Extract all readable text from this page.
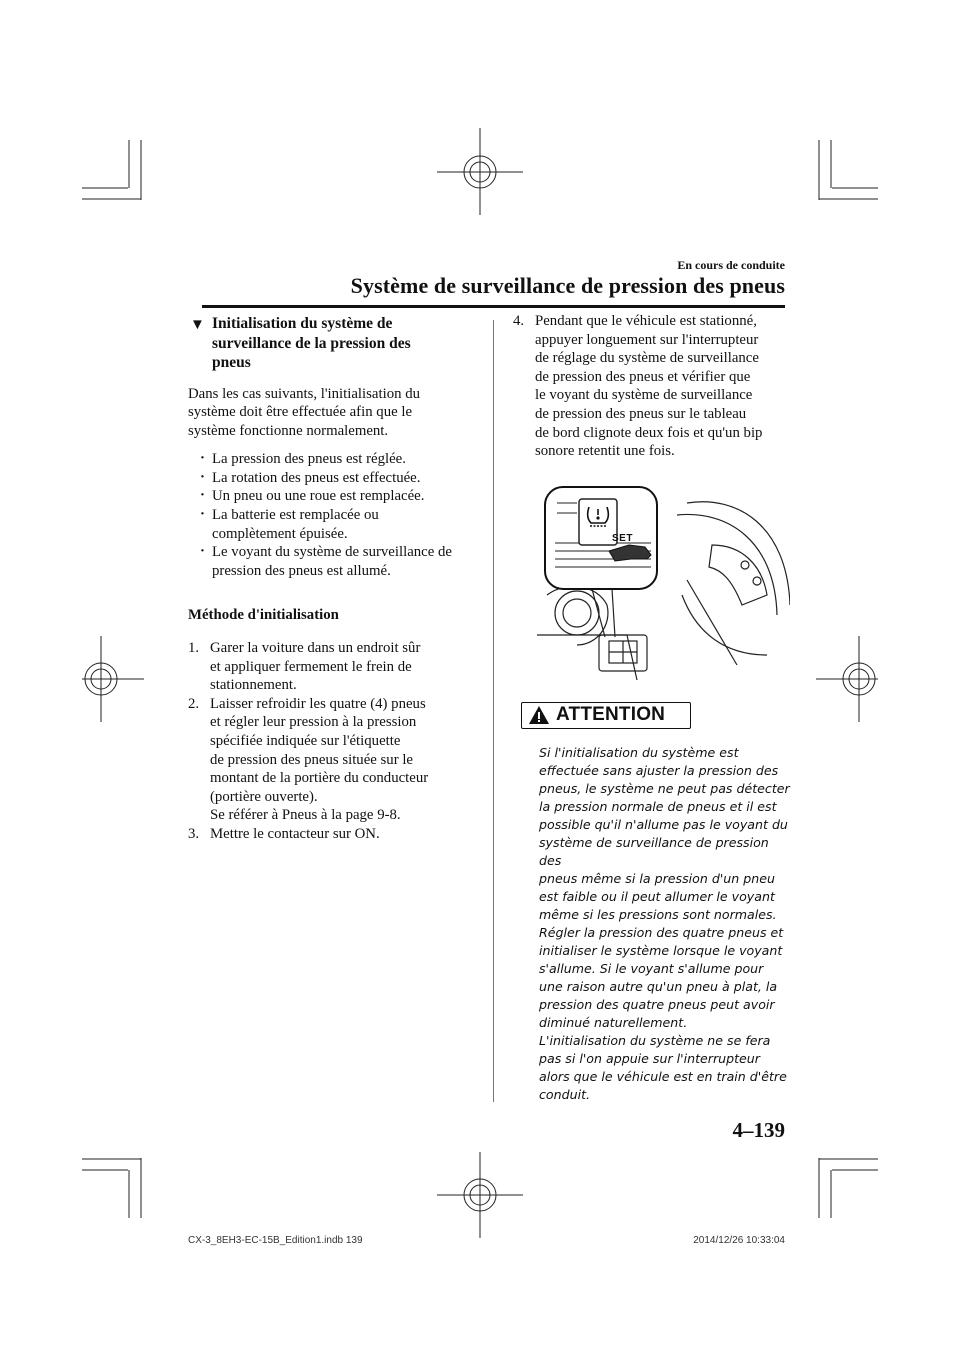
En cours de conduite
Système de surveillance de pression des pneus
▼ Initialisation du système de
surveillance de la pression des
pneus
Dans les cas suivants, l'initialisation du
système doit être effectuée afin que le
système fonctionne normalement.
· La pression des pneus est réglée.
· La rotation des pneus est effectuée.
· Un pneu ou une roue est remplacée.
· La batterie est remplacée ou
complètement épuisée.
· Le voyant du système de surveillance de
pression des pneus est allumé.
Méthode d'initialisation
1. Garer la voiture dans un endroit sûr
et appliquer fermement le frein de
stationnement.
2. Laisser refroidir les quatre (4) pneus
et régler leur pression à la pression
spécifiée indiquée sur l'étiquette
de pression des pneus située sur le
montant de la portière du conducteur
(portière ouverte).
Se référer à Pneus à la page 9-8.
3. Mettre le contacteur sur ON.
4. Pendant que le véhicule est stationné,
appuyer longuement sur l'interrupteur
de réglage du système de surveillance
de pression des pneus et vérifier que
le voyant du système de surveillance
de pression des pneus sur le tableau
de bord clignote deux fois et qu'un bip
sonore retentit une fois.
SET
ATTENTION
Si l'initialisation du système est
effectuée sans ajuster la pression des
pneus, le système ne peut pas détecter
la pression normale de pneus et il est
possible qu'il n'allume pas le voyant du
système de surveillance de pression des
pneus même si la pression d'un pneu
est faible ou il peut allumer le voyant
même si les pressions sont normales.
Régler la pression des quatre pneus et
initialiser le système lorsque le voyant
s'allume. Si le voyant s'allume pour
une raison autre qu'un pneu à plat, la
pression des quatre pneus peut avoir
diminué naturellement.
L'initialisation du système ne se fera
pas si l'on appuie sur l'interrupteur
alors que le véhicule est en train d'être
conduit.
4–139
CX-3_8EH3-EC-15B_Edition1.indb 139	2014/12/26 10:33:04
